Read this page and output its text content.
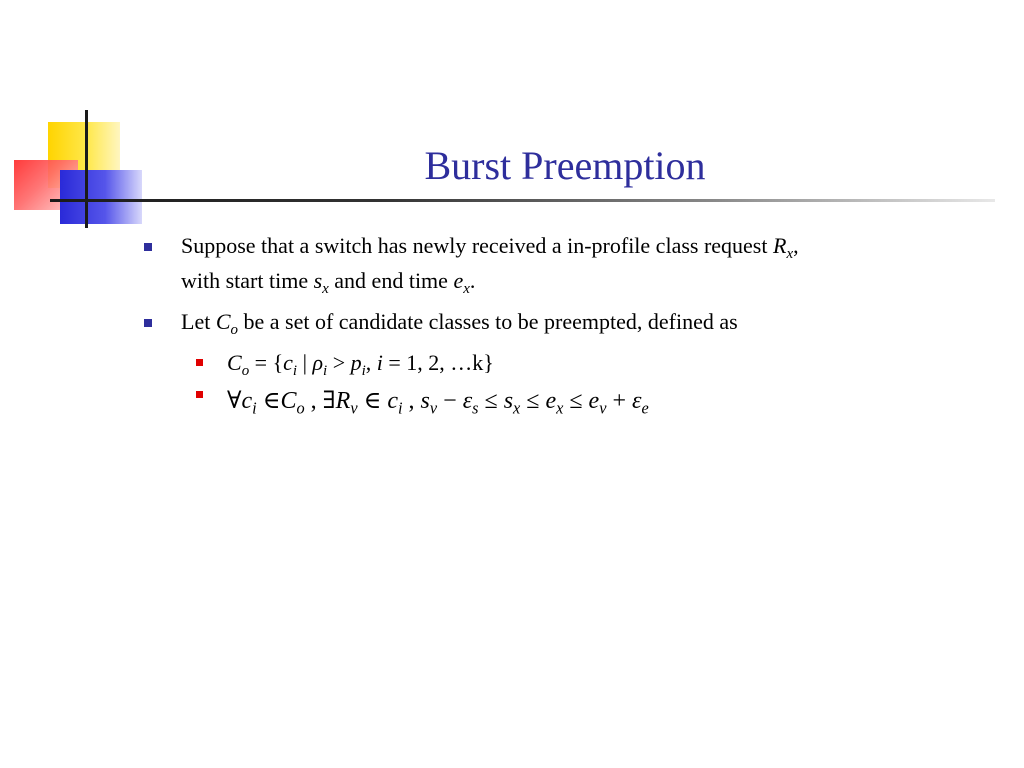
Burst Preemption
Suppose that a switch has newly received a in-profile class request $R_x$,
with start time $s_x$ and end time $e_x$.
Let $C_o$ be a set of candidate classes to be preempted, defined as
$C_o = \{c_i$ | $\rho_i > p_i$, i = 1, 2, …k}
$\forall c_i$ $\in C_o$ , $\exists R_v$ ∈ $c_i$ , $s_v - \varepsilon_s \le s_x \le e_x \le e_v + \varepsilon_e$
